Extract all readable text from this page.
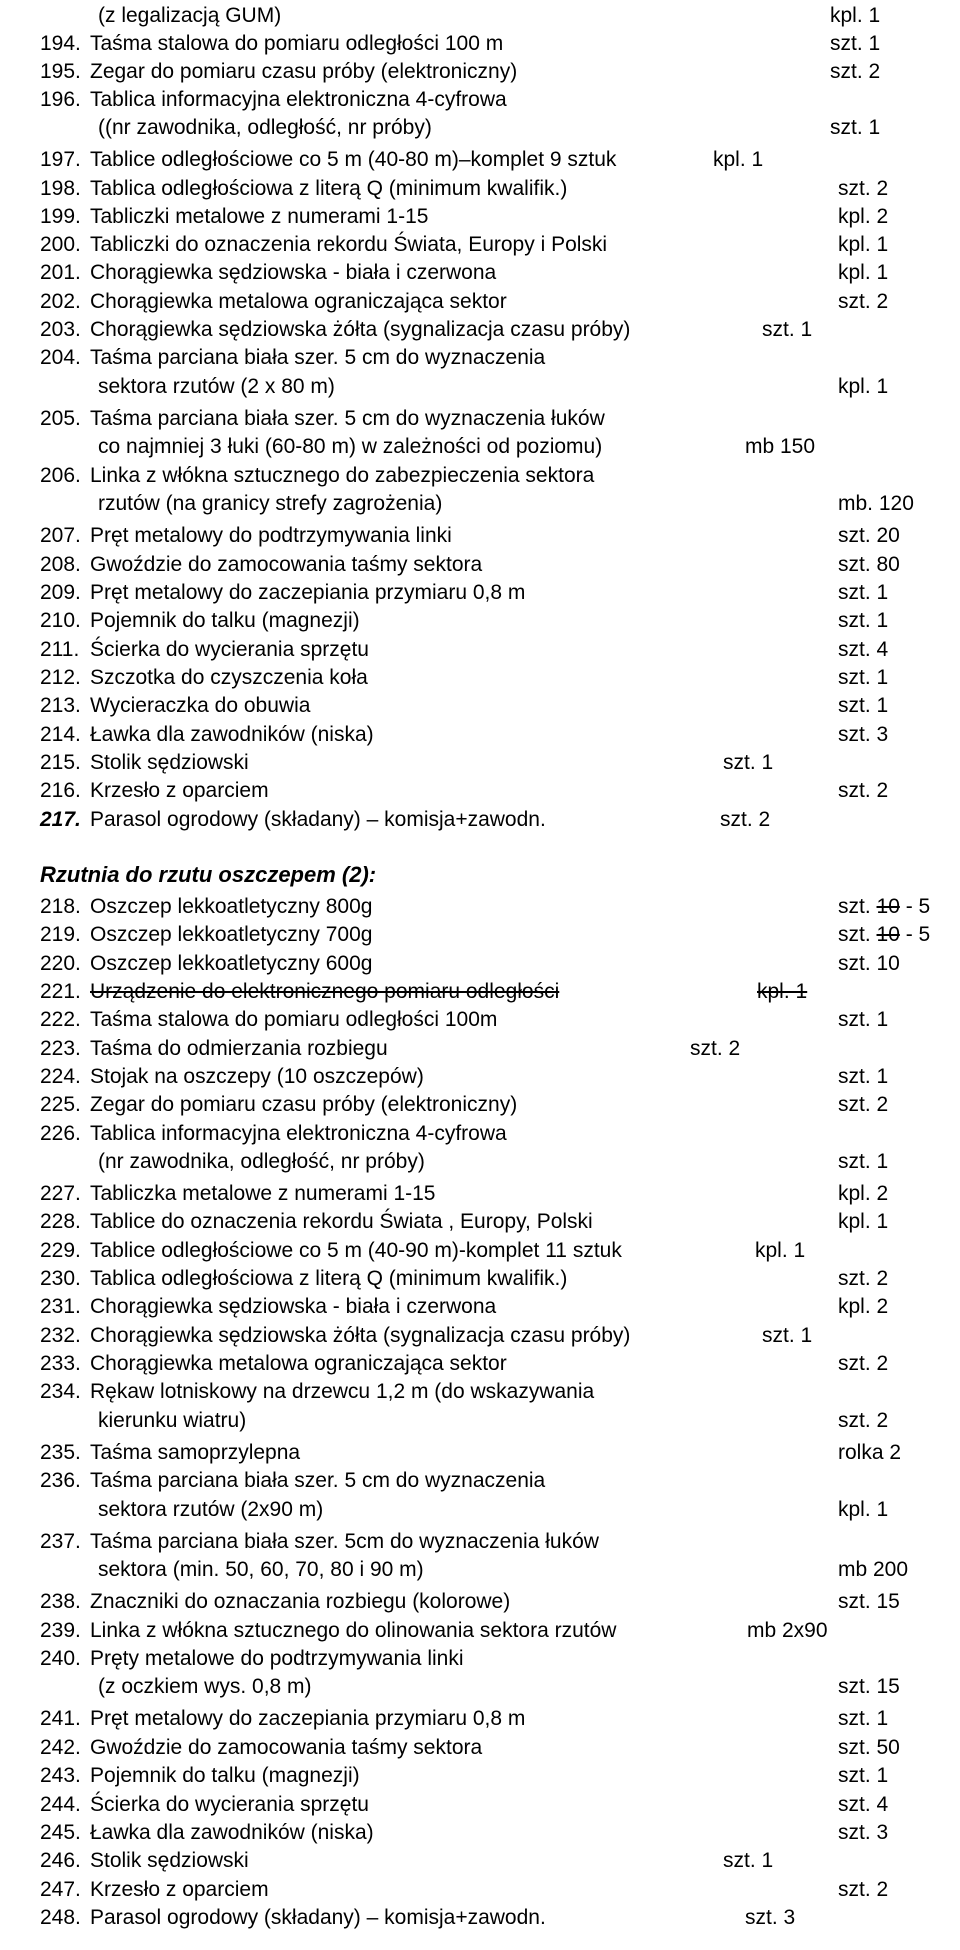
Rzutnia do rzutu oszczepem (2):
(z legalizacją GUM)	kpl. 1
194. Taśma stalowa do pomiaru odległości 100 m	szt. 1
195. Zegar do pomiaru czasu próby (elektroniczny)	szt. 2
196. Tablica informacyjna elektroniczna 4-cyfrowa
((nr zawodnika, odległość, nr próby)	szt. 1
197. Tablice odległościowe co 5 m (40-80 m)–komplet 9 sztuk	kpl. 1
198. Tablica odległościowa z literą Q (minimum kwalifik.)	szt. 2
199. Tabliczki metalowe z numerami 1-15	kpl. 2
200. Tabliczki do oznaczenia rekordu Świata, Europy i Polski	kpl. 1
201. Chorągiewka sędziowska - biała i czerwona	kpl. 1
202. Chorągiewka metalowa ograniczająca sektor	szt. 2
203. Chorągiewka sędziowska żółta (sygnalizacja czasu próby)	szt. 1
204. Taśma parciana biała szer. 5 cm do wyznaczenia
sektora rzutów (2 x 80 m)	kpl. 1
205. Taśma parciana biała szer. 5 cm do wyznaczenia łuków
co najmniej 3 łuki (60-80 m) w zależności od poziomu)	mb 150
206. Linka z włókna sztucznego do zabezpieczenia sektora
rzutów (na granicy strefy zagrożenia)	mb. 120
207. Pręt metalowy do podtrzymywania linki	szt. 20
208. Gwoździe do zamocowania taśmy sektora	szt. 80
209. Pręt metalowy do zaczepiania przymiaru 0,8 m	szt. 1
210. Pojemnik do talku (magnezji)	szt. 1
211. Ścierka do wycierania sprzętu	szt. 4
212. Szczotka do czyszczenia koła	szt. 1
213. Wycieraczka do obuwia	szt. 1
214. Ławka dla zawodników (niska)	szt. 3
215. Stolik sędziowski	szt. 1
216. Krzesło z oparciem	szt. 2
217. Parasol ogrodowy (składany) – komisja+zawodn.	szt. 2
218. Oszczep lekkoatletyczny 800g	szt. 10 - 5
219. Oszczep lekkoatletyczny 700g	szt. 10 - 5
220. Oszczep lekkoatletyczny 600g	szt. 10
221. Urządzenie do elektronicznego pomiaru odległości	kpl. 1
222. Taśma stalowa do pomiaru odległości 100m	szt. 1
223. Taśma do odmierzania rozbiegu	szt. 2
224. Stojak na oszczepy (10 oszczepów)	szt. 1
225. Zegar do pomiaru czasu próby (elektroniczny)	szt. 2
226. Tablica informacyjna elektroniczna 4-cyfrowa
(nr zawodnika, odległość, nr próby)	szt. 1
227. Tabliczka metalowe z numerami 1-15	kpl. 2
228. Tablice do oznaczenia rekordu Świata , Europy, Polski	kpl. 1
229. Tablice odległościowe co 5 m (40-90 m)-komplet 11 sztuk	kpl. 1
230. Tablica odległościowa z literą Q (minimum kwalifik.)	szt. 2
231. Chorągiewka sędziowska - biała i czerwona	kpl. 2
232. Chorągiewka sędziowska żółta (sygnalizacja czasu próby)	szt. 1
233. Chorągiewka metalowa ograniczająca sektor	szt. 2
234. Rękaw lotniskowy na drzewcu 1,2 m (do wskazywania
kierunku wiatru)	szt. 2
235. Taśma samoprzylepna	rolka 2
236. Taśma parciana biała szer. 5 cm do wyznaczenia
sektora rzutów (2x90 m)	kpl. 1
237. Taśma parciana biała szer. 5cm do wyznaczenia łuków
sektora (min. 50, 60, 70, 80 i 90 m)	mb 200
238. Znaczniki do oznaczania rozbiegu (kolorowe)	szt. 15
239. Linka z włókna sztucznego do olinowania sektora rzutów	mb 2x90
240. Pręty metalowe do podtrzymywania linki
(z oczkiem wys. 0,8 m)	szt. 15
241. Pręt metalowy do zaczepiania przymiaru 0,8 m	szt. 1
242. Gwoździe do zamocowania taśmy sektora	szt. 50
243. Pojemnik do talku (magnezji)	szt. 1
244. Ścierka do wycierania sprzętu	szt. 4
245. Ławka dla zawodników (niska)	szt. 3
246. Stolik sędziowski	szt. 1
247. Krzesło z oparciem	szt. 2
248. Parasol ogrodowy (składany) – komisja+zawodn.	szt. 3
